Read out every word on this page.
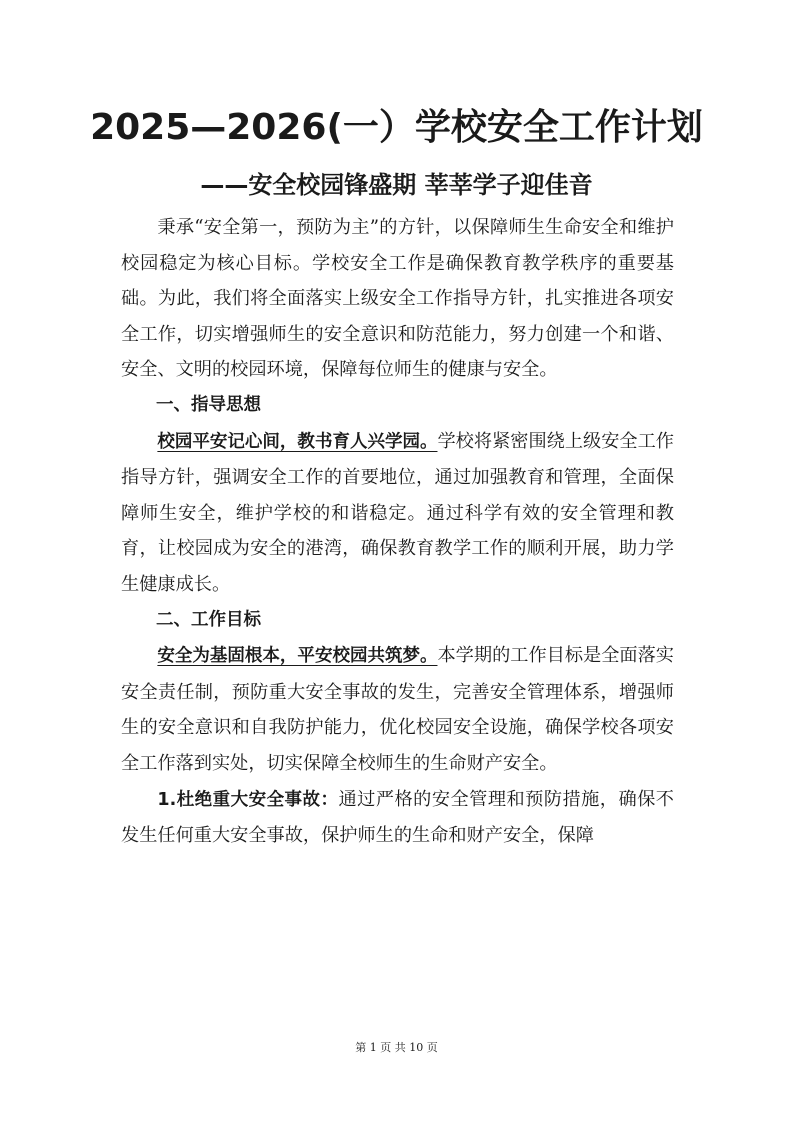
2025—2026(一）学校安全工作计划
——安全校园锋盛期 莘莘学子迎佳音

秉承“安全第一，预防为主”的方针，以保障师生生命安全和维护校园稳定为核心目标。学校安全工作是确保教育教学秩序的重要基础。为此，我们将全面落实上级安全工作指导方针，扎实推进各项安全工作，切实增强师生的安全意识和防范能力，努力创建一个和谐、安全、文明的校园环境，保障每位师生的健康与安全。

一、指导思想

校园平安记心间，教书育人兴学园。学校将紧密围绕上级安全工作指导方针，强调安全工作的首要地位，通过加强教育和管理，全面保障师生安全，维护学校的和谐稳定。通过科学有效的安全管理和教育，让校园成为安全的港湾，确保教育教学工作的顺利开展，助力学生健康成长。

二、工作目标

安全为基固根本，平安校园共筑梦。本学期的工作目标是全面落实安全责任制，预防重大安全事故的发生，完善安全管理体系，增强师生的安全意识和自我防护能力，优化校园安全设施，确保学校各项安全工作落到实处，切实保障全校师生的生命财产安全。

1.杜绝重大安全事故：通过严格的安全管理和预防措施，确保不发生任何重大安全事故，保护师生的生命和财产安全，保障

第 1 页 共 10 页
